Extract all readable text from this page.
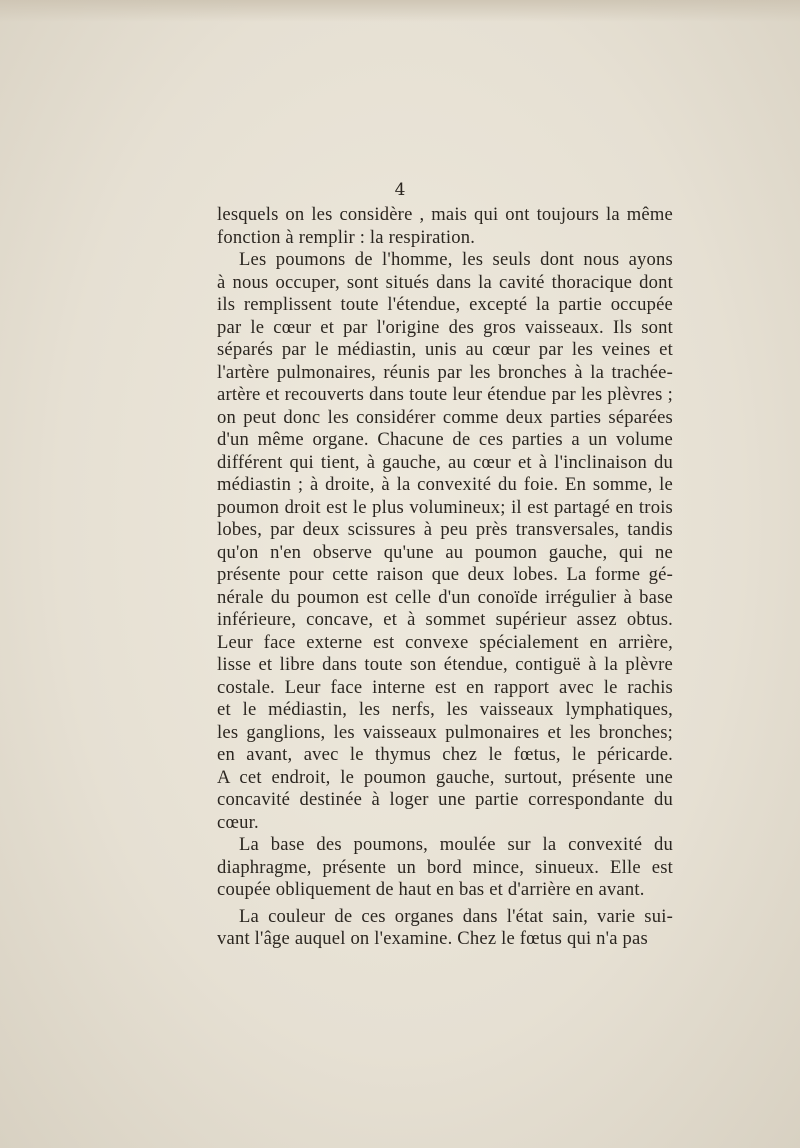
4
lesquels on les considère , mais qui ont toujours la même
fonction à remplir : la respiration.
Les poumons de l'homme, les seuls dont nous ayons
à nous occuper, sont situés dans la cavité thoracique dont
ils remplissent toute l'étendue, excepté la partie occupée
par le cœur et par l'origine des gros vaisseaux. Ils sont
séparés par le médiastin, unis au cœur par les veines et
l'artère pulmonaires, réunis par les bronches à la trachée-
artère et recouverts dans toute leur étendue par les plèvres ;
on peut donc les considérer comme deux parties séparées
d'un même organe. Chacune de ces parties a un volume
différent qui tient, à gauche, au cœur et à l'inclinaison du
médiastin ; à droite, à la convexité du foie. En somme, le
poumon droit est le plus volumineux; il est partagé en trois
lobes, par deux scissures à peu près transversales, tandis
qu'on n'en observe qu'une au poumon gauche, qui ne
présente pour cette raison que deux lobes. La forme gé-
nérale du poumon est celle d'un conoïde irrégulier à base
inférieure, concave, et à sommet supérieur assez obtus.
Leur face externe est convexe spécialement en arrière,
lisse et libre dans toute son étendue, contiguë à la plèvre
costale. Leur face interne est en rapport avec le rachis
et le médiastin, les nerfs, les vaisseaux lymphatiques,
les ganglions, les vaisseaux pulmonaires et les bronches;
en avant, avec le thymus chez le fœtus, le péricarde.
A cet endroit, le poumon gauche, surtout, présente une
concavité destinée à loger une partie correspondante du
cœur.
La base des poumons, moulée sur la convexité du
diaphragme, présente un bord mince, sinueux. Elle est
coupée obliquement de haut en bas et d'arrière en avant.
La couleur de ces organes dans l'état sain, varie sui-
vant l'âge auquel on l'examine. Chez le fœtus qui n'a pas
